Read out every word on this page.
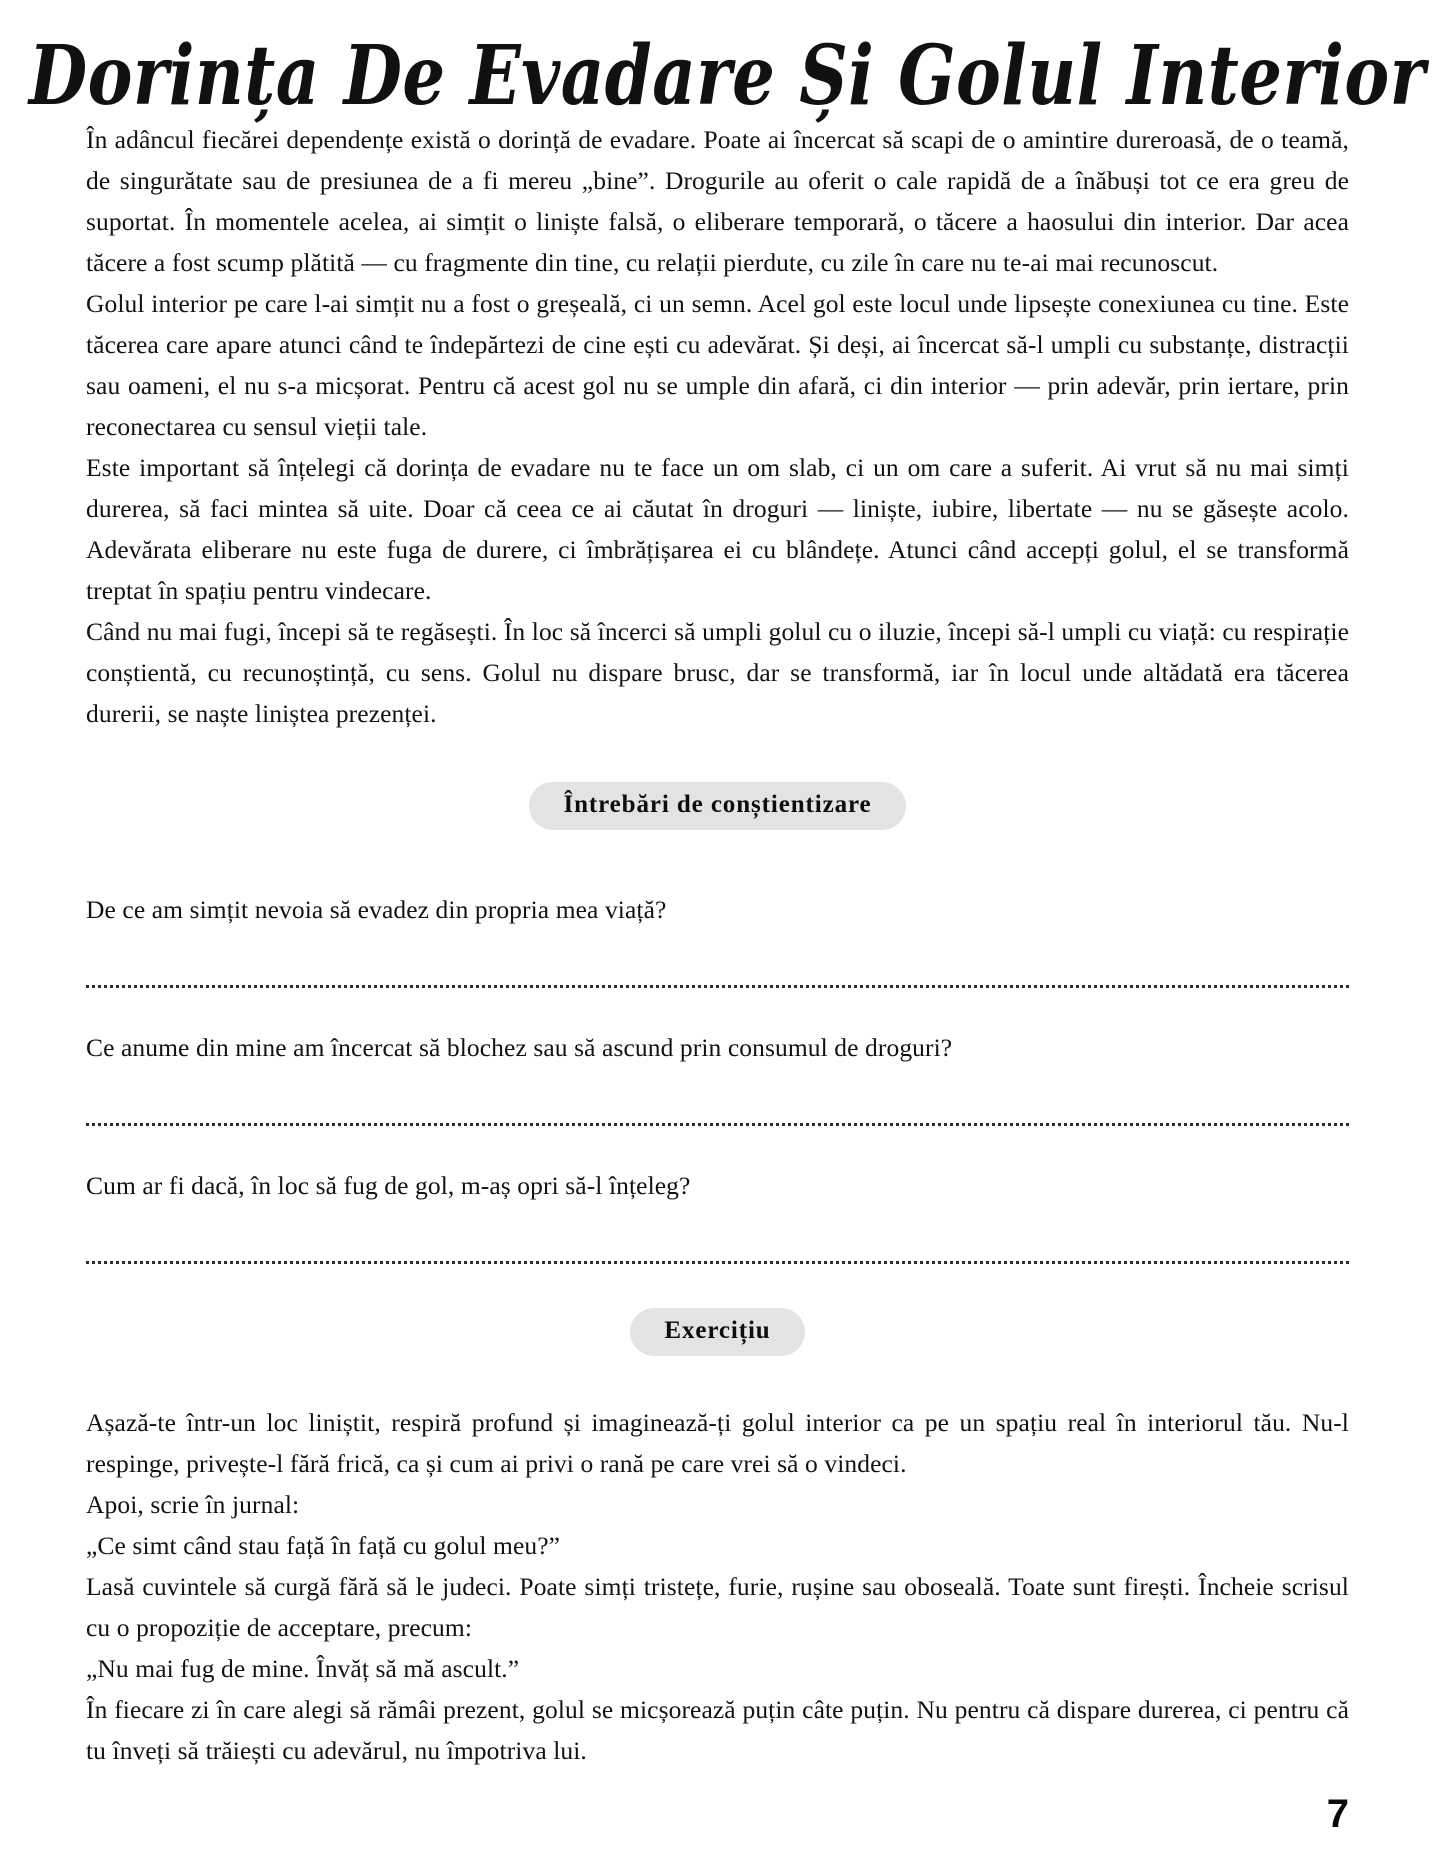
Dorința De Evadare Și Golul Interior

În adâncul fiecărei dependențe există o dorință de evadare. Poate ai încercat să scapi de o amintire dureroasă, de o teamă, de singurătate sau de presiunea de a fi mereu „bine”. Drogurile au oferit o cale rapidă de a înăbuși tot ce era greu de suportat. În momentele acelea, ai simțit o liniște falsă, o eliberare temporară, o tăcere a haosului din interior. Dar acea tăcere a fost scump plătită — cu fragmente din tine, cu relații pierdute, cu zile în care nu te-ai mai recunoscut.

Golul interior pe care l-ai simțit nu a fost o greșeală, ci un semn. Acel gol este locul unde lipsește conexiunea cu tine. Este tăcerea care apare atunci când te îndepărtezi de cine ești cu adevărat. Și deși, ai încercat să-l umpli cu substanțe, distracții sau oameni, el nu s-a micșorat. Pentru că acest gol nu se umple din afară, ci din interior — prin adevăr, prin iertare, prin reconectarea cu sensul vieții tale.

Este important să înțelegi că dorința de evadare nu te face un om slab, ci un om care a suferit. Ai vrut să nu mai simți durerea, să faci mintea să uite. Doar că ceea ce ai căutat în droguri — liniște, iubire, libertate — nu se găsește acolo. Adevărata eliberare nu este fuga de durere, ci îmbrățișarea ei cu blândețe. Atunci când accepți golul, el se transformă treptat în spațiu pentru vindecare.

Când nu mai fugi, începi să te regăsești. În loc să încerci să umpli golul cu o iluzie, începi să-l umpli cu viață: cu respirație conștientă, cu recunoștință, cu sens. Golul nu dispare brusc, dar se transformă, iar în locul unde altădată era tăcerea durerii, se naște liniștea prezenței.

Întrebări de conștientizare

De ce am simțit nevoia să evadez din propria mea viață?

Ce anume din mine am încercat să blochez sau să ascund prin consumul de droguri?

Cum ar fi dacă, în loc să fug de gol, m-aș opri să-l înțeleg?

Exercițiu

Așază-te într-un loc liniștit, respiră profund și imaginează-ți golul interior ca pe un spațiu real în interiorul tău. Nu-l respinge, privește-l fără frică, ca și cum ai privi o rană pe care vrei să o vindeci.

Apoi, scrie în jurnal:

„Ce simt când stau față în față cu golul meu?”

Lasă cuvintele să curgă fără să le judeci. Poate simți tristețe, furie, rușine sau oboseală. Toate sunt firești. Încheie scrisul cu o propoziție de acceptare, precum:

„Nu mai fug de mine. Învăț să mă ascult.”

În fiecare zi în care alegi să rămâi prezent, golul se micșorează puțin câte puțin. Nu pentru că dispare durerea, ci pentru că tu înveți să trăiești cu adevărul, nu împotriva lui.

7
